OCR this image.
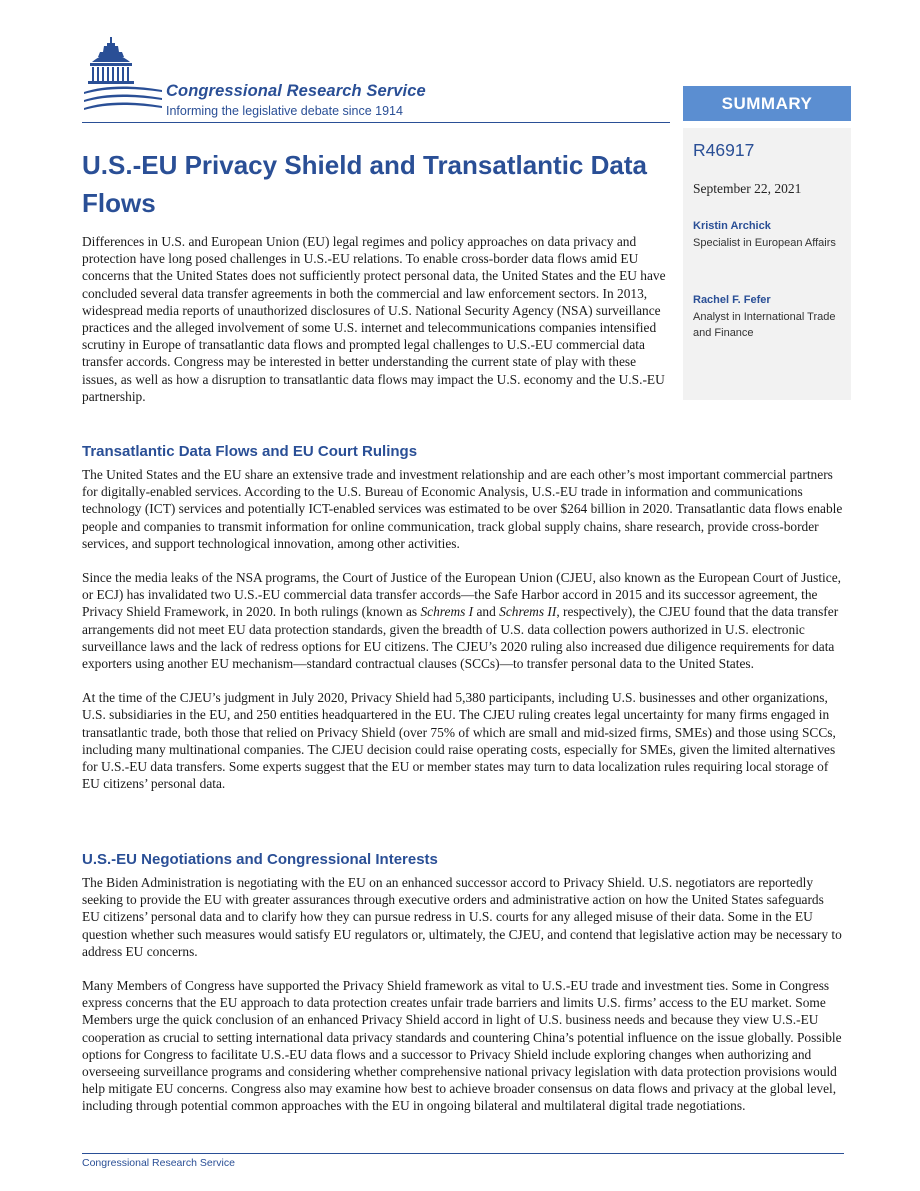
Congressional Research Service
Informing the legislative debate since 1914	SUMMARY
R46917
September 22, 2021
Kristin Archick
Specialist in European Affairs
Rachel F. Fefer
Analyst in International Trade and Finance
U.S.-EU Privacy Shield and Transatlantic Data Flows

Differences in U.S. and European Union (EU) legal regimes and policy approaches on data privacy and protection have long posed challenges in U.S.-EU relations. To enable cross-border data flows amid EU concerns that the United States does not sufficiently protect personal data, the United States and the EU have concluded several data transfer agreements in both the commercial and law enforcement sectors. In 2013, widespread media reports of unauthorized disclosures of U.S. National Security Agency (NSA) surveillance practices and the alleged involvement of some U.S. internet and telecommunications companies intensified scrutiny in Europe of transatlantic data flows and prompted legal challenges to U.S.-EU commercial data transfer accords. Congress may be interested in better understanding the current state of play with these issues, as well as how a disruption to transatlantic data flows may impact the U.S. economy and the U.S.-EU partnership.

Transatlantic Data Flows and EU Court Rulings

The United States and the EU share an extensive trade and investment relationship and are each other’s most important commercial partners for digitally-enabled services. According to the U.S. Bureau of Economic Analysis, U.S.-EU trade in information and communications technology (ICT) services and potentially ICT-enabled services was estimated to be over $264 billion in 2020. Transatlantic data flows enable people and companies to transmit information for online communication, track global supply chains, share research, provide cross-border services, and support technological innovation, among other activities.

Since the media leaks of the NSA programs, the Court of Justice of the European Union (CJEU, also known as the European Court of Justice, or ECJ) has invalidated two U.S.-EU commercial data transfer accords—the Safe Harbor accord in 2015 and its successor agreement, the Privacy Shield Framework, in 2020. In both rulings (known as Schrems I and Schrems II, respectively), the CJEU found that the data transfer arrangements did not meet EU data protection standards, given the breadth of U.S. data collection powers authorized in U.S. electronic surveillance laws and the lack of redress options for EU citizens. The CJEU’s 2020 ruling also increased due diligence requirements for data exporters using another EU mechanism—standard contractual clauses (SCCs)—to transfer personal data to the United States.

At the time of the CJEU’s judgment in July 2020, Privacy Shield had 5,380 participants, including U.S. businesses and other organizations, U.S. subsidiaries in the EU, and 250 entities headquartered in the EU. The CJEU ruling creates legal uncertainty for many firms engaged in transatlantic trade, both those that relied on Privacy Shield (over 75% of which are small and mid-sized firms, SMEs) and those using SCCs, including many multinational companies. The CJEU decision could raise operating costs, especially for SMEs, given the limited alternatives for U.S.-EU data transfers. Some experts suggest that the EU or member states may turn to data localization rules requiring local storage of EU citizens’ personal data.

U.S.-EU Negotiations and Congressional Interests

The Biden Administration is negotiating with the EU on an enhanced successor accord to Privacy Shield. U.S. negotiators are reportedly seeking to provide the EU with greater assurances through executive orders and administrative action on how the United States safeguards EU citizens’ personal data and to clarify how they can pursue redress in U.S. courts for any alleged misuse of their data. Some in the EU question whether such measures would satisfy EU regulators or, ultimately, the CJEU, and contend that legislative action may be necessary to address EU concerns.

Many Members of Congress have supported the Privacy Shield framework as vital to U.S.-EU trade and investment ties. Some in Congress express concerns that the EU approach to data protection creates unfair trade barriers and limits U.S. firms’ access to the EU market. Some Members urge the quick conclusion of an enhanced Privacy Shield accord in light of U.S. business needs and because they view U.S.-EU cooperation as crucial to setting international data privacy standards and countering China’s potential influence on the issue globally. Possible options for Congress to facilitate U.S.-EU data flows and a successor to Privacy Shield include exploring changes when authorizing and overseeing surveillance programs and considering whether comprehensive national privacy legislation with data protection provisions would help mitigate EU concerns. Congress also may examine how best to achieve broader consensus on data flows and privacy at the global level, including through potential common approaches with the EU in ongoing bilateral and multilateral digital trade negotiations.

Congressional Research Service
